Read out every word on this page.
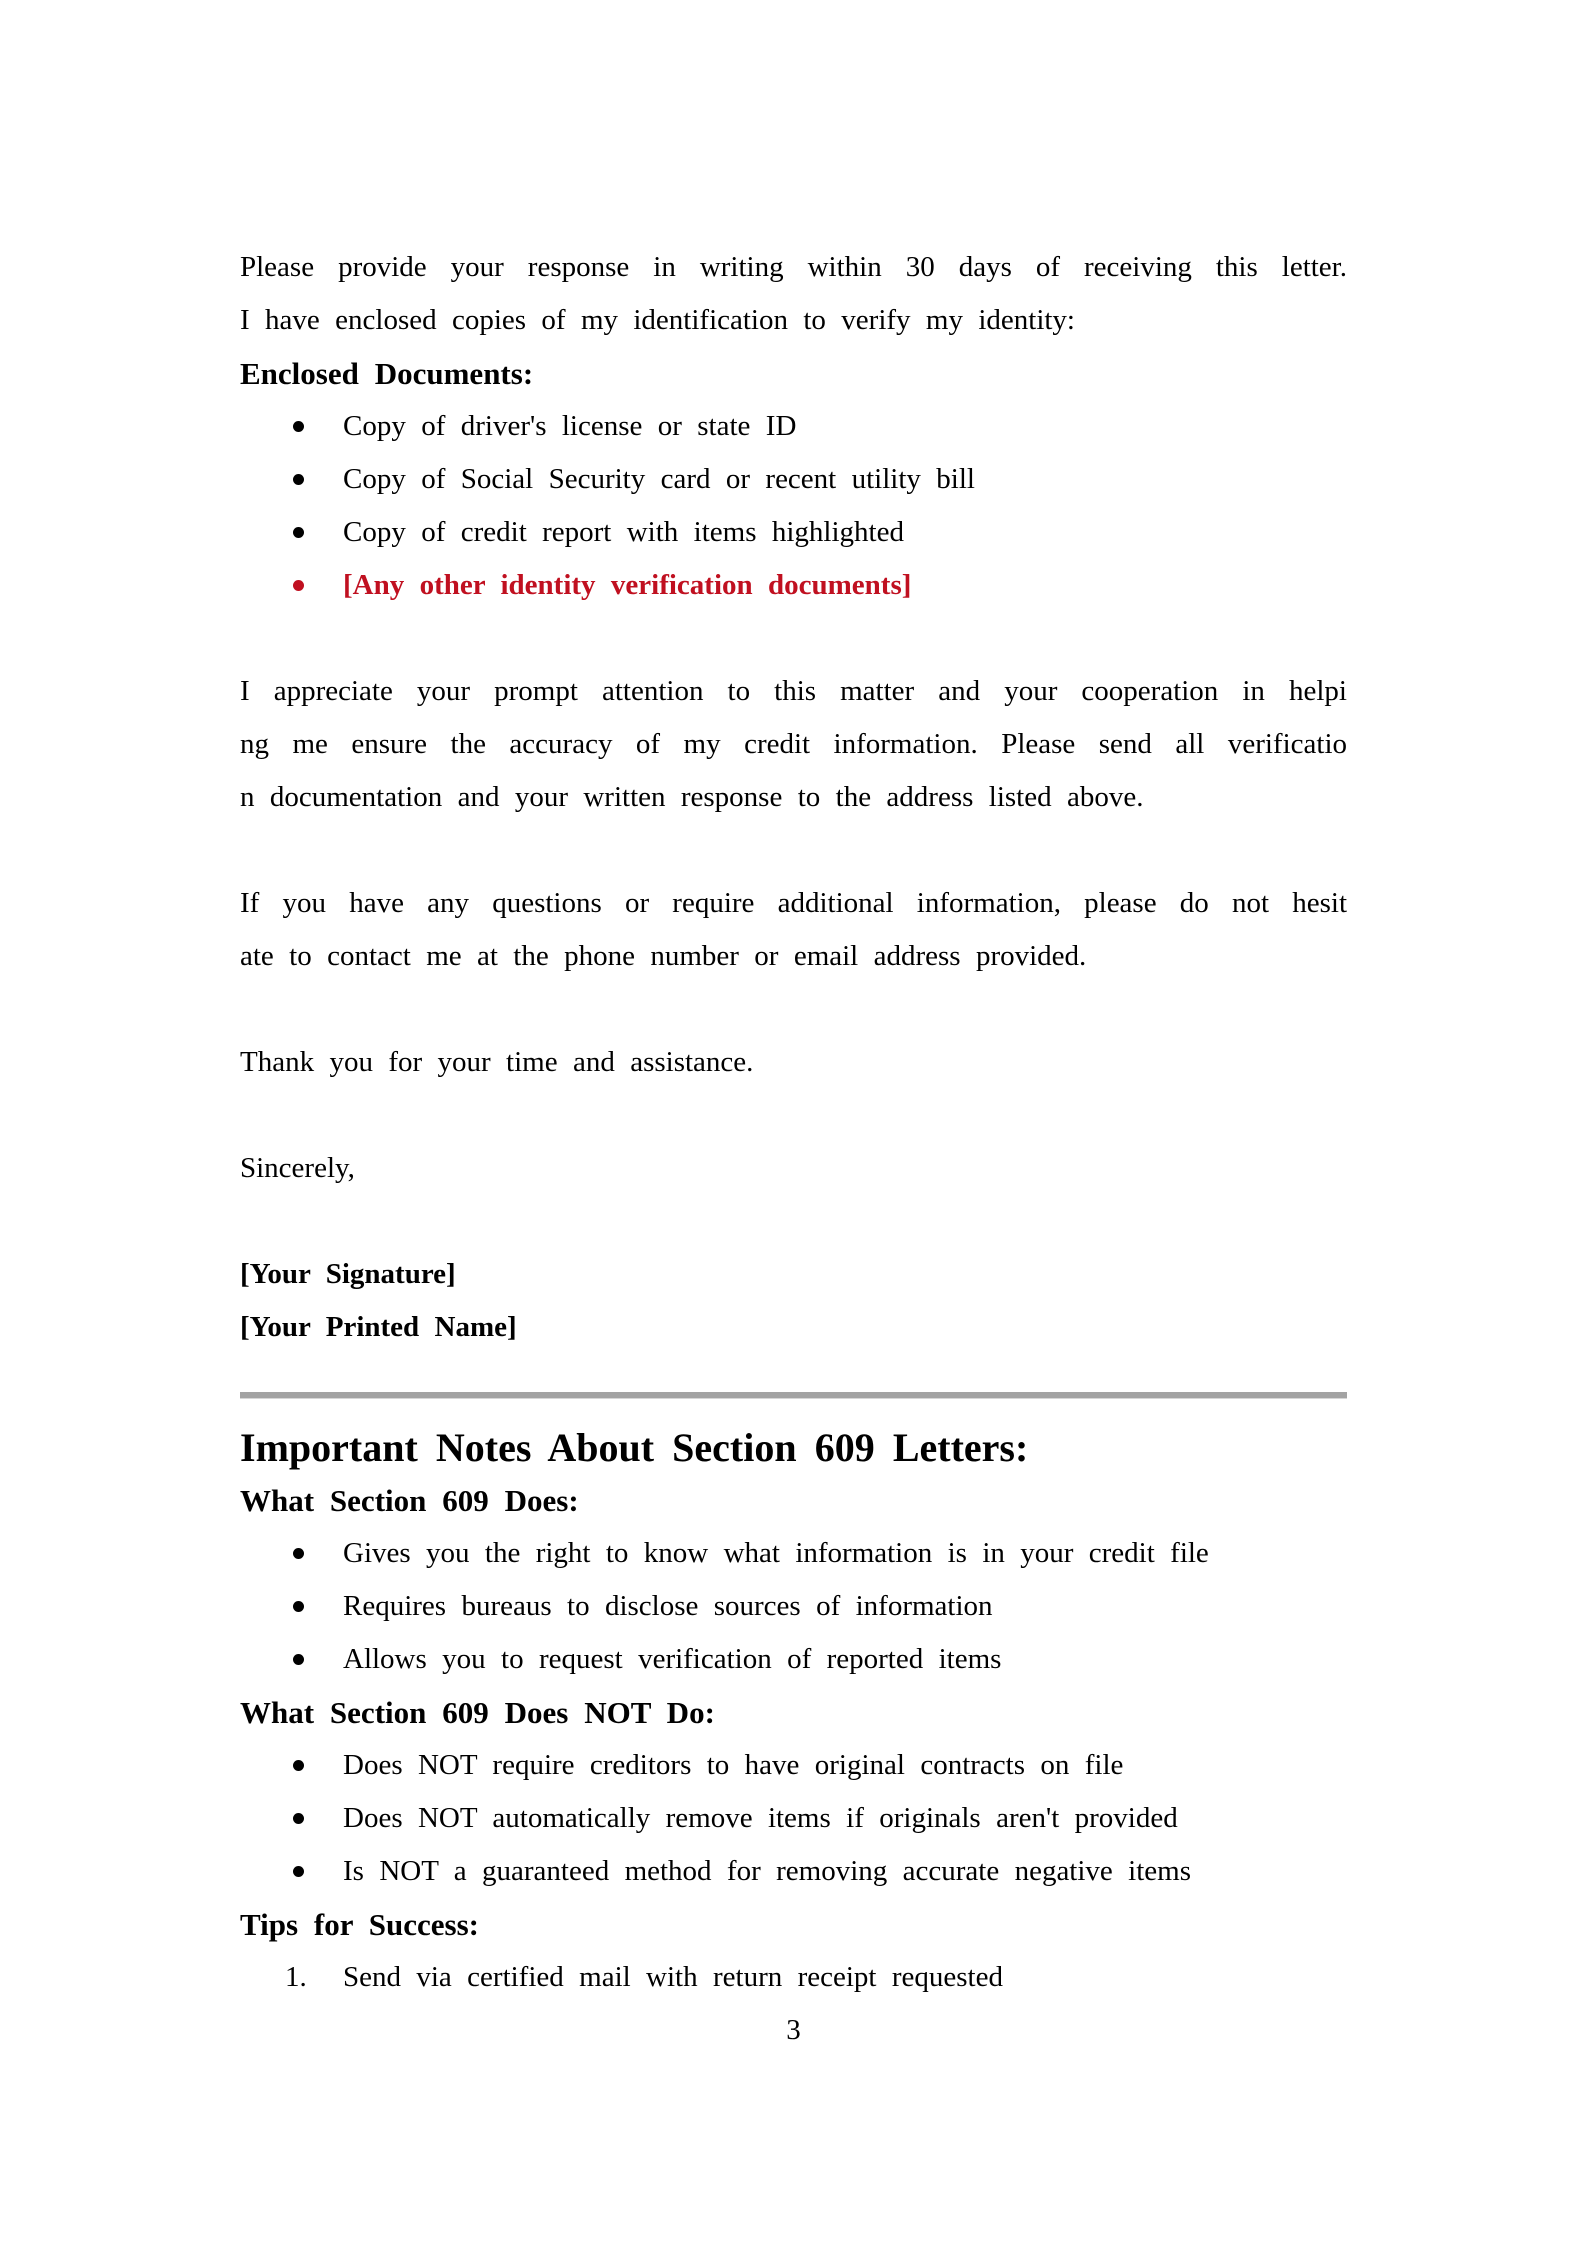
Please provide your response in writing within 30 days of receiving this letter.
I have enclosed copies of my identification to verify my identity:
Enclosed Documents:
Copy of driver's license or state ID
Copy of Social Security card or recent utility bill
Copy of credit report with items highlighted
[Any other identity verification documents]
I appreciate your prompt attention to this matter and your cooperation in helpi
ng me ensure the accuracy of my credit information. Please send all verificatio
n documentation and your written response to the address listed above.
If you have any questions or require additional information, please do not hesit
ate to contact me at the phone number or email address provided.
Thank you for your time and assistance.
Sincerely,
[Your Signature]
[Your Printed Name]
Important Notes About Section 609 Letters:
What Section 609 Does:
Gives you the right to know what information is in your credit file
Requires bureaus to disclose sources of information
Allows you to request verification of reported items
What Section 609 Does NOT Do:
Does NOT require creditors to have original contracts on file
Does NOT automatically remove items if originals aren't provided
Is NOT a guaranteed method for removing accurate negative items
Tips for Success:
1.	Send via certified mail with return receipt requested
3
